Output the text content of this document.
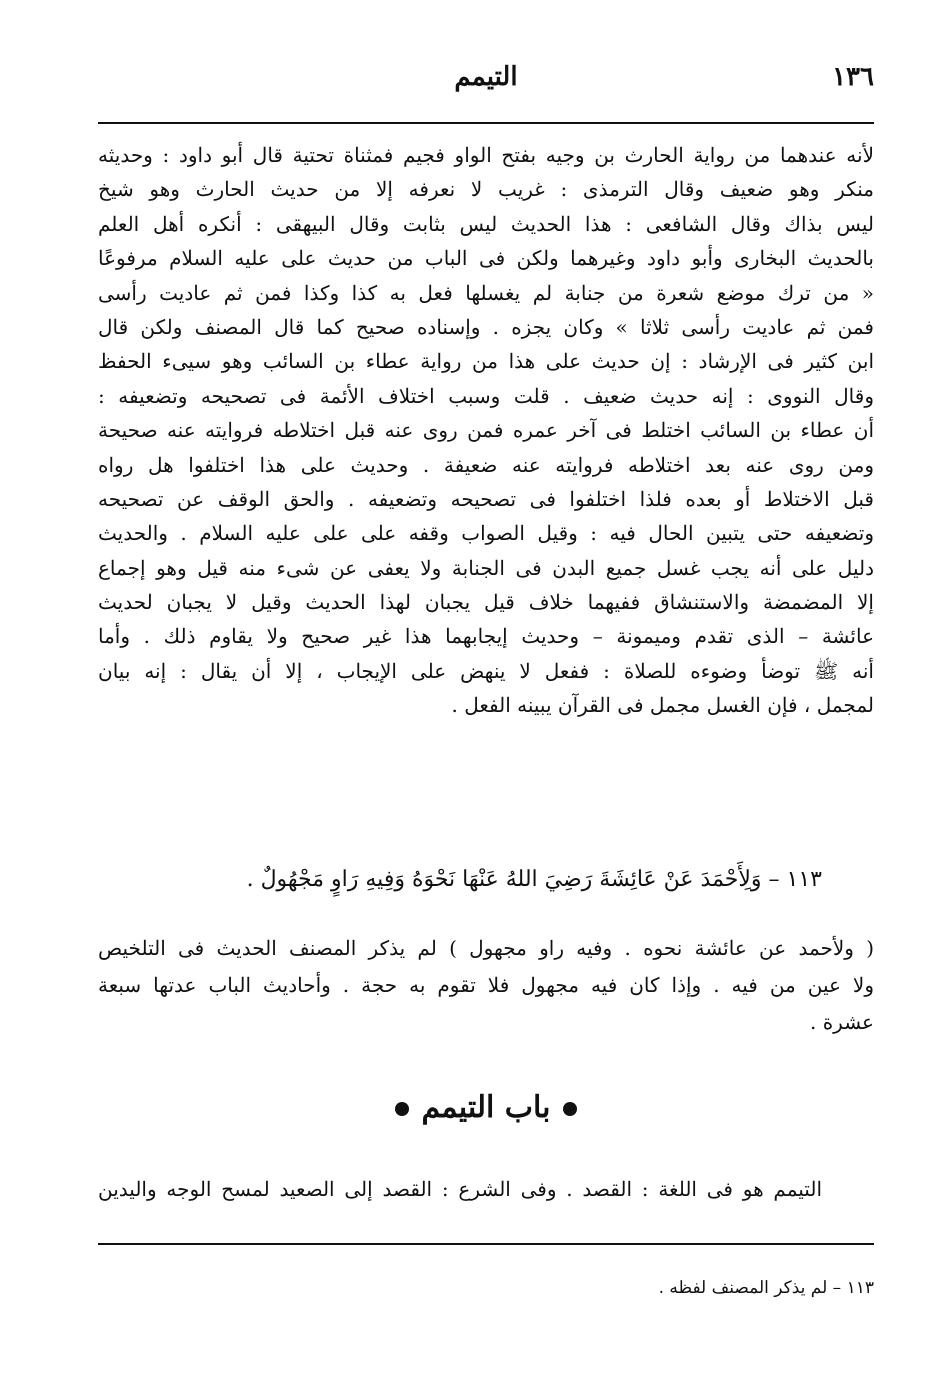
١٣٦
التيمم
لأنه عندهما من رواية الحارث بن وجيه بفتح الواو فجيم فمثناة تحتية قال أبو داود : وحديثه
منكر وهو ضعيف وقال الترمذى : غريب لا نعرفه إلا من حديث الحارث وهو شيخ
ليس بذاك وقال الشافعى : هذا الحديث ليس بثابت وقال البيهقى : أنكره أهل العلم
بالحديث البخارى وأبو داود وغيرهما ولكن فى الباب من حديث على عليه السلام مرفوعًا
« من ترك موضع شعرة من جنابة لم يغسلها فعل به كذا وكذا فمن ثم عاديت رأسى
فمن ثم عاديت رأسى ثلاثا » وكان يجزه . وإسناده صحيح كما قال المصنف ولكن قال
ابن كثير فى الإرشاد : إن حديث على هذا من رواية عطاء بن السائب وهو سيىء الحفظ
وقال النووى : إنه حديث ضعيف . قلت وسبب اختلاف الأئمة فى تصحيحه وتضعيفه :
أن عطاء بن السائب اختلط فى آخر عمره فمن روى عنه قبل اختلاطه فروايته عنه صحيحة
ومن روى عنه بعد اختلاطه فروايته عنه ضعيفة . وحديث على هذا اختلفوا هل رواه
قبل الاختلاط أو بعده فلذا اختلفوا فى تصحيحه وتضعيفه . والحق الوقف عن تصحيحه
وتضعيفه حتى يتبين الحال فيه : وقيل الصواب وقفه على على عليه السلام . والحديث
دليل على أنه يجب غسل جميع البدن فى الجنابة ولا يعفى عن شىء منه قيل وهو إجماع
إلا المضمضة والاستنشاق ففيهما خلاف قيل يجبان لهذا الحديث وقيل لا يجبان لحديث
عائشة – الذى تقدم وميمونة – وحديث إيجابهما هذا غير صحيح ولا يقاوم ذلك . وأما
أنه ﷺ توضأ وضوءه للصلاة : ففعل لا ينهض على الإيجاب ، إلا أن يقال : إنه بيان
لمجمل ، فإن الغسل مجمل فى القرآن يبينه الفعل .
١١٣ – وَلِأَحْمَدَ عَنْ عَائِشَةَ رَضِيَ اللهُ عَنْهَا نَحْوَهُ وَفِيهِ رَاوٍ مَجْهُولٌ .
( ولأحمد عن عائشة نحوه . وفيه راو مجهول ) لم يذكر المصنف الحديث فى التلخيص
ولا عين من فيه . وإذا كان فيه مجهول فلا تقوم به حجة . وأحاديث الباب عدتها سبعة
عشرة .
باب التيمم
التيمم هو فى اللغة : القصد . وفى الشرع : القصد إلى الصعيد لمسح الوجه واليدين
١١٣ – لم يذكر المصنف لفظه .
